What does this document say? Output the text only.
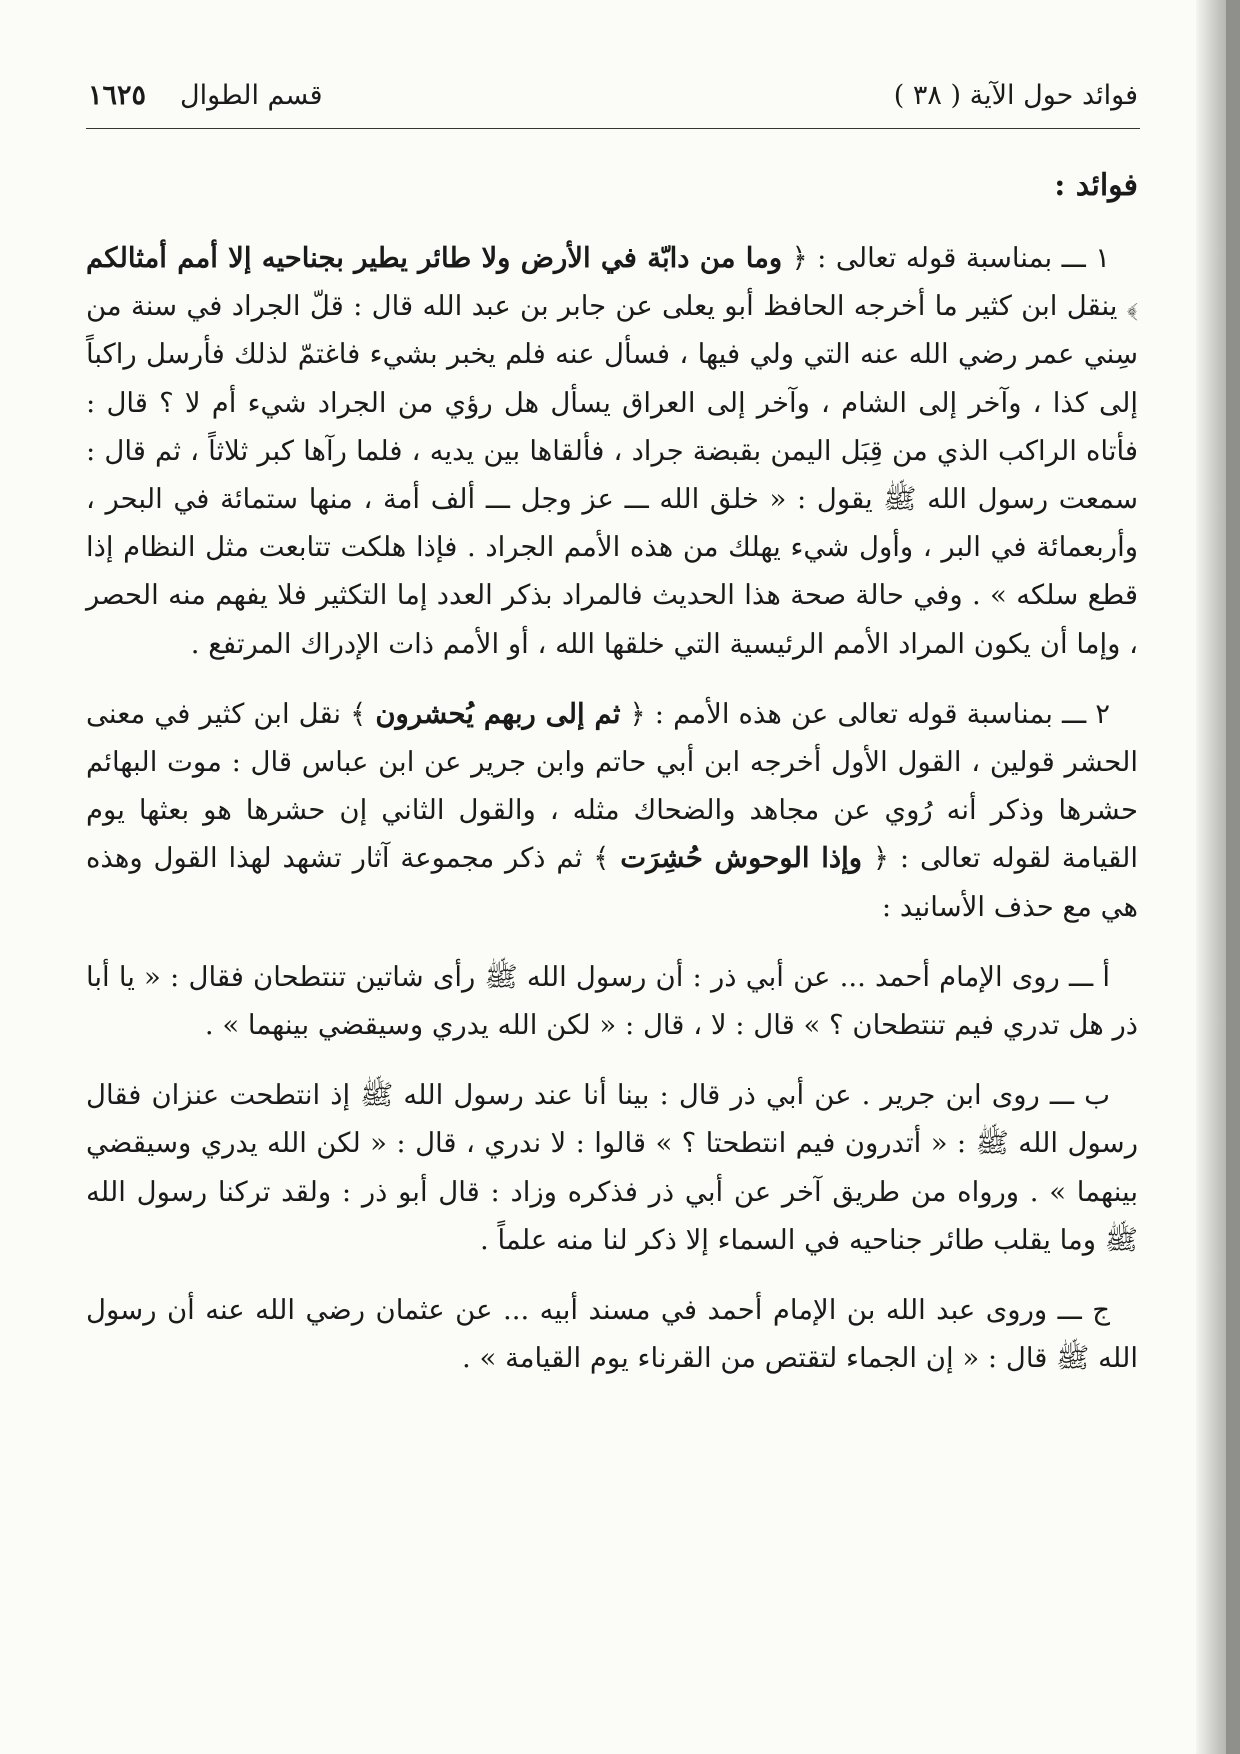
فوائد حول الآية ( ٣٨ )
قسم الطوال١٦٢٥
فوائد :

١ ـــ بمناسبة قوله تعالى : ﴿ وما من دابّة في الأرض ولا طائر يطير بجناحيه إلا أمم أمثالكم ﴾ ينقل ابن كثير ما أخرجه الحافظ أبو يعلى عن جابر بن عبد الله قال : قلّ الجراد في سنة من سِني عمر رضي الله عنه التي ولي فيها ، فسأل عنه فلم يخبر بشيء فاغتمّ لذلك فأرسل راكباً إلى كذا ، وآخر إلى الشام ، وآخر إلى العراق يسأل هل رؤي من الجراد شيء أم لا ؟ قال : فأتاه الراكب الذي من قِبَل اليمن بقبضة جراد ، فألقاها بين يديه ، فلما رآها كبر ثلاثاً ، ثم قال : سمعت رسول الله ﷺ يقول : « خلق الله ـــ عز وجل ـــ ألف أمة ، منها ستمائة في البحر ، وأربعمائة في البر ، وأول شيء يهلك من هذه الأمم الجراد . فإذا هلكت تتابعت مثل النظام إذا قطع سلكه » . وفي حالة صحة هذا الحديث فالمراد بذكر العدد إما التكثير فلا يفهم منه الحصر ، وإما أن يكون المراد الأمم الرئيسية التي خلقها الله ، أو الأمم ذات الإدراك المرتفع .

٢ ـــ بمناسبة قوله تعالى عن هذه الأمم : ﴿ ثم إلى ربهم يُحشرون ﴾ نقل ابن كثير في معنى الحشر قولين ، القول الأول أخرجه ابن أبي حاتم وابن جرير عن ابن عباس قال : موت البهائم حشرها وذكر أنه رُوي عن مجاهد والضحاك مثله ، والقول الثاني إن حشرها هو بعثها يوم القيامة لقوله تعالى : ﴿ وإذا الوحوش حُشِرَت ﴾ ثم ذكر مجموعة آثار تشهد لهذا القول وهذه هي مع حذف الأسانيد :

أ ـــ روى الإمام أحمد ... عن أبي ذر : أن رسول الله ﷺ رأى شاتين تنتطحان فقال : « يا أبا ذر هل تدري فيم تنتطحان ؟ » قال : لا ، قال : « لكن الله يدري وسيقضي بينهما » .

ب ـــ روى ابن جرير . عن أبي ذر قال : بينا أنا عند رسول الله ﷺ إذ انتطحت عنزان فقال رسول الله ﷺ : « أتدرون فيم انتطحتا ؟ » قالوا : لا ندري ، قال : « لكن الله يدري وسيقضي بينهما » . ورواه من طريق آخر عن أبي ذر فذكره وزاد : قال أبو ذر : ولقد تركنا رسول الله ﷺ وما يقلب طائر جناحيه في السماء إلا ذكر لنا منه علماً .

ج ـــ وروى عبد الله بن الإمام أحمد في مسند أبيه ... عن عثمان رضي الله عنه أن رسول الله ﷺ قال : « إن الجماء لتقتص من القرناء يوم القيامة » .
